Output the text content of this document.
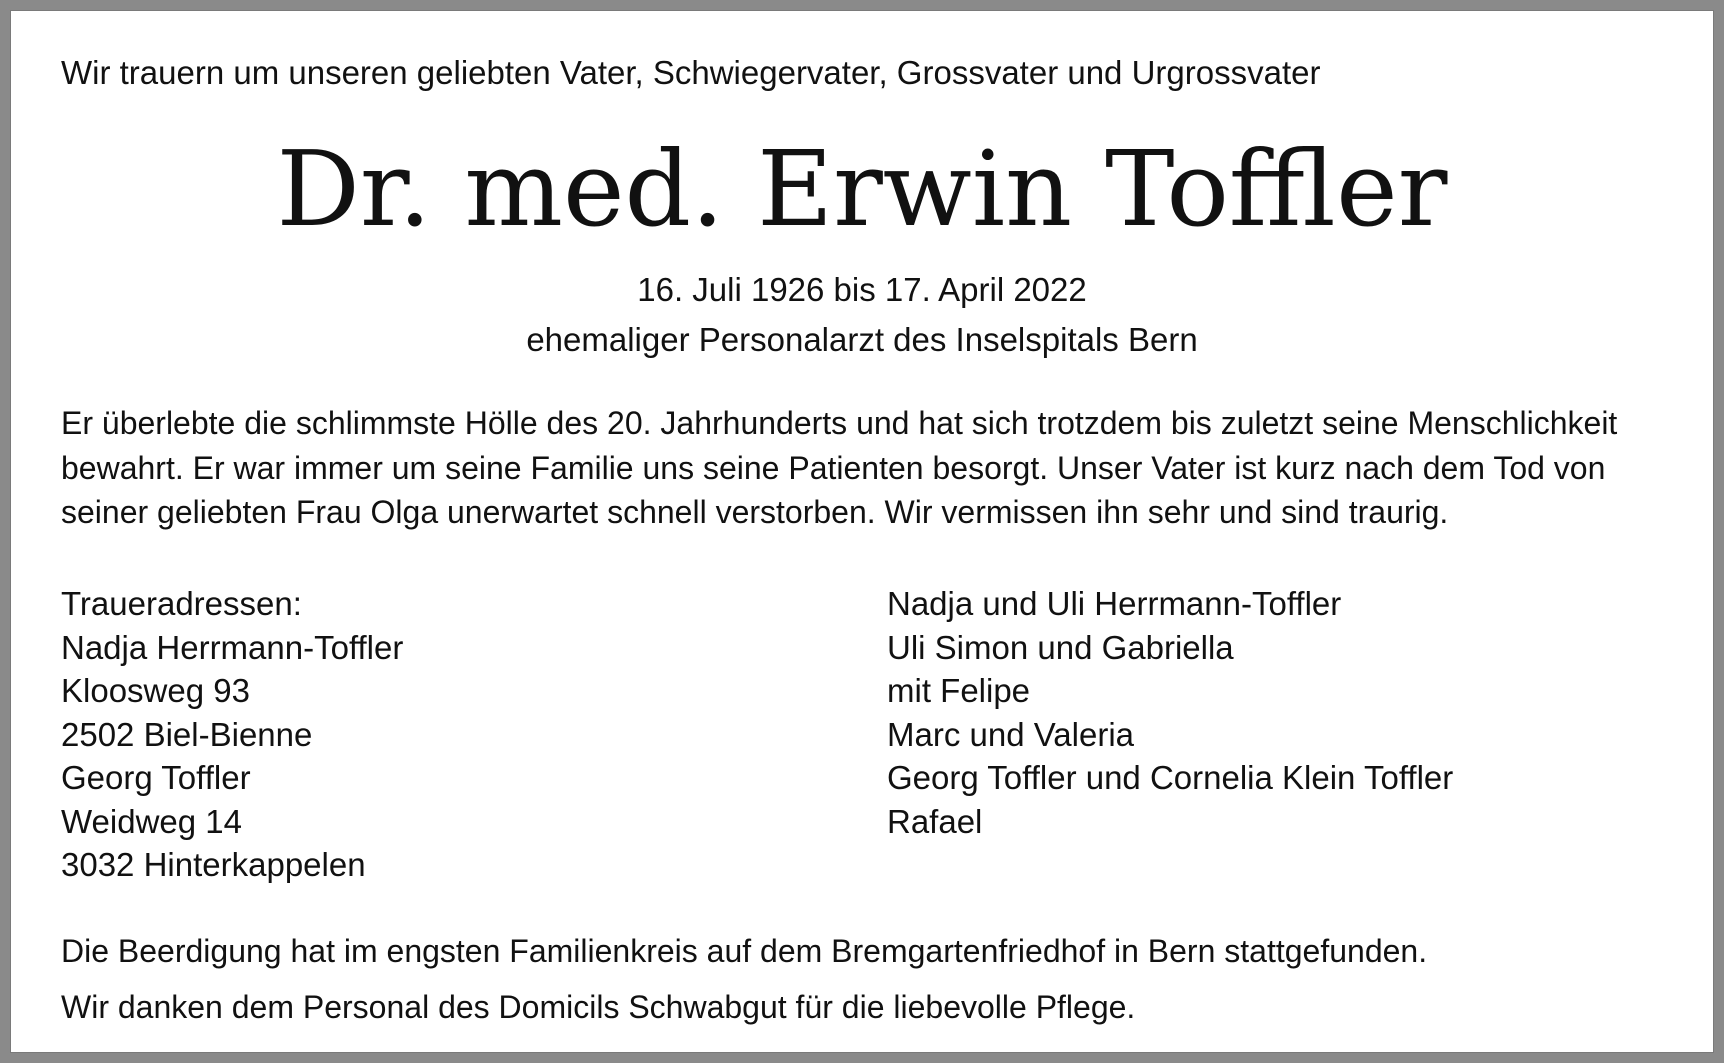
Wir trauern um unseren geliebten Vater, Schwiegervater, Grossvater und Urgrossvater
Dr. med. Erwin Toffler
16. Juli 1926 bis 17. April 2022
ehemaliger Personalarzt des Inselspitals Bern
Er überlebte die schlimmste Hölle des 20. Jahrhunderts und hat sich trotzdem bis zuletzt seine Menschlichkeit
bewahrt. Er war immer um seine Familie uns seine Patienten besorgt. Unser Vater ist kurz nach dem Tod von
seiner geliebten Frau Olga unerwartet schnell verstorben. Wir vermissen ihn sehr und sind traurig.
Traueradressen:
Nadja Herrmann-Toffler
Kloosweg 93
2502 Biel-Bienne
Georg Toffler
Weidweg 14
3032 Hinterkappelen
Nadja und Uli Herrmann-Toffler
Uli Simon und Gabriella
mit Felipe
Marc und Valeria
Georg Toffler und Cornelia Klein Toffler
Rafael
Die Beerdigung hat im engsten Familienkreis auf dem Bremgartenfriedhof in Bern stattgefunden.
Wir danken dem Personal des Domicils Schwabgut für die liebevolle Pflege.
